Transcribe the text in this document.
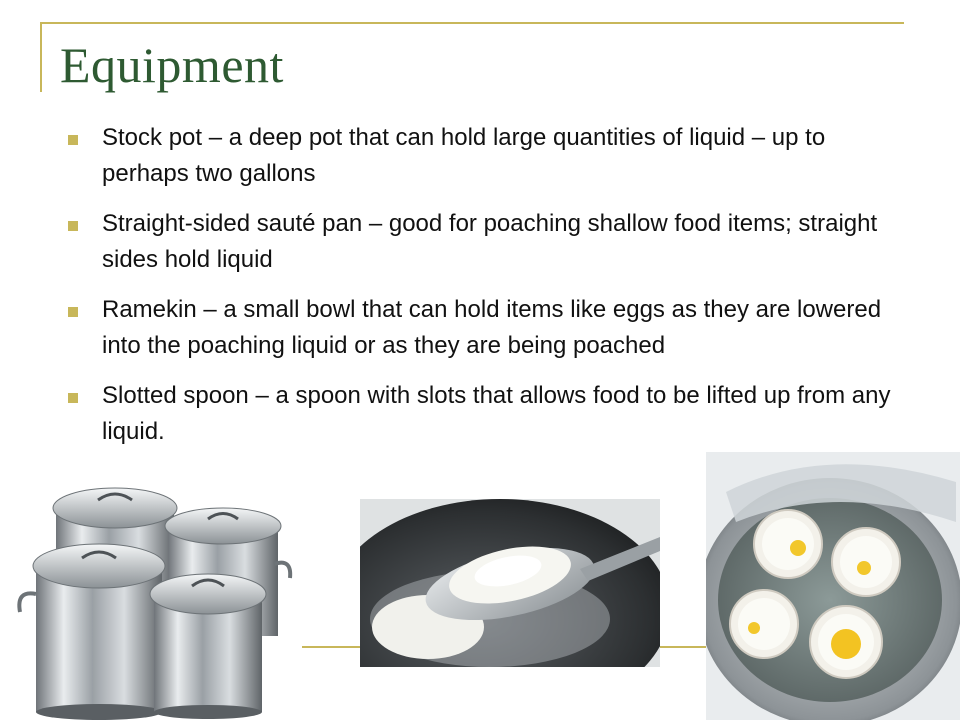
Equipment
Stock pot – a deep pot that can hold large quantities of liquid – up to perhaps two gallons
Straight-sided sauté pan – good for poaching shallow food items; straight sides hold liquid
Ramekin – a small bowl that can hold items like eggs as they are lowered into the poaching liquid or as they are being poached
Slotted spoon – a spoon with slots that allows food to be lifted up from any liquid.
